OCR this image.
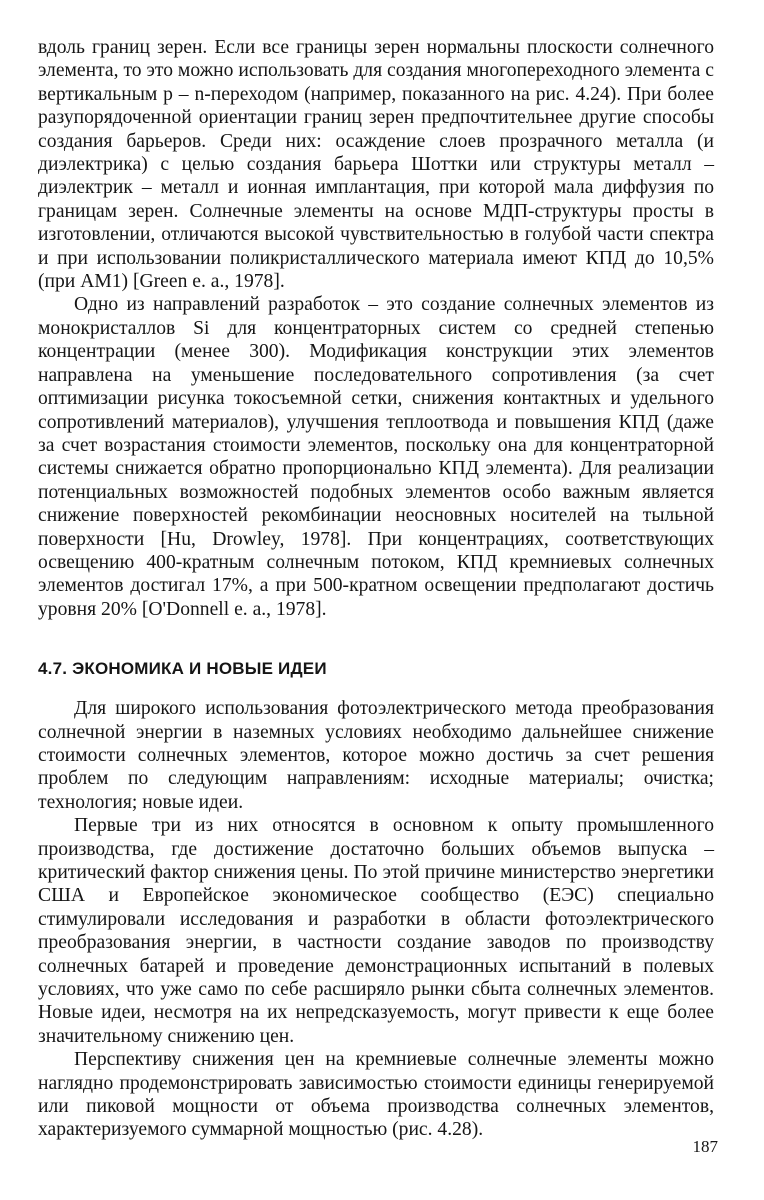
вдоль границ зерен. Если все границы зерен нормальны плоскости солнечного элемента, то это можно использовать для создания многопереходного элемента с вертикальным p – n-переходом (например, показанного на рис. 4.24). При более разупорядоченной ориентации границ зерен предпочтительнее другие способы создания барьеров. Среди них: осаждение слоев прозрачного металла (и диэлектрика) с целью создания барьера Шоттки или структуры металл – диэлектрик – металл и ионная имплантация, при которой мала диффузия по границам зерен. Солнечные элементы на основе МДП-структуры просты в изготовлении, отличаются высокой чувствительностью в голубой части спектра и при использовании поликристаллического материала имеют КПД до 10,5% (при AM1) [Green e. a., 1978].

Одно из направлений разработок – это создание солнечных элементов из монокристаллов Si для концентраторных систем со средней степенью концентрации (менее 300). Модификация конструкции этих элементов направлена на уменьшение последовательного сопротивления (за счет оптимизации рисунка токосъемной сетки, снижения контактных и удельного сопротивлений материалов), улучшения теплоотвода и повышения КПД (даже за счет возрастания стоимости элементов, поскольку она для концентраторной системы снижается обратно пропорционально КПД элемента). Для реализации потенциальных возможностей подобных элементов особо важным является снижение поверхностей рекомбинации неосновных носителей на тыльной поверхности [Hu, Drowley, 1978]. При концентрациях, соответствующих освещению 400-кратным солнечным потоком, КПД кремниевых солнечных элементов достигал 17%, а при 500-кратном освещении предполагают достичь уровня 20% [O'Donnell e. a., 1978].

4.7. ЭКОНОМИКА И НОВЫЕ ИДЕИ

Для широкого использования фотоэлектрического метода преобразования солнечной энергии в наземных условиях необходимо дальнейшее снижение стоимости солнечных элементов, которое можно достичь за счет решения проблем по следующим направлениям: исходные материалы; очистка; технология; новые идеи.

Первые три из них относятся в основном к опыту промышленного производства, где достижение достаточно больших объемов выпуска – критический фактор снижения цены. По этой причине министерство энергетики США и Европейское экономическое сообщество (ЕЭС) специально стимулировали исследования и разработки в области фотоэлектрического преобразования энергии, в частности создание заводов по производству солнечных батарей и проведение демонстрационных испытаний в полевых условиях, что уже само по себе расширяло рынки сбыта солнечных элементов. Новые идеи, несмотря на их непредсказуемость, могут привести к еще более значительному снижению цен.

Перспективу снижения цен на кремниевые солнечные элементы можно наглядно продемонстрировать зависимостью стоимости единицы генерируемой или пиковой мощности от объема производства солнечных элементов, характеризуемого суммарной мощностью (рис. 4.28).

187
